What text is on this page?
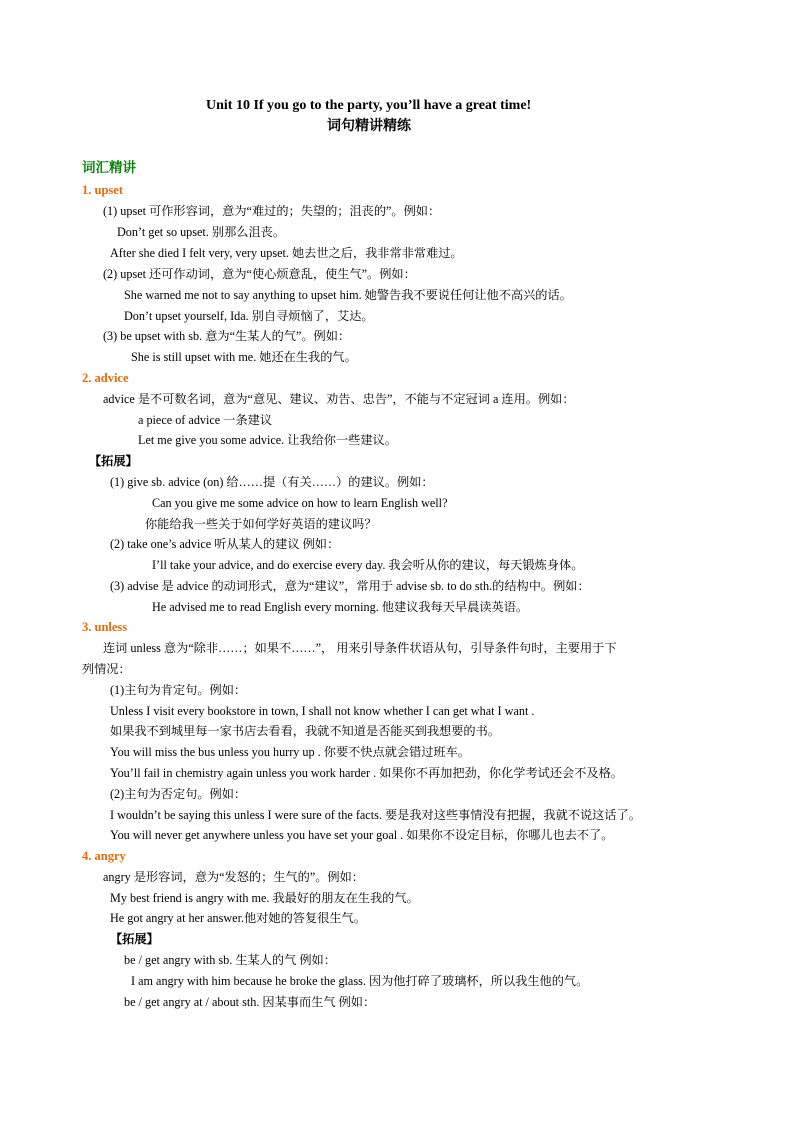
Unit 10 If you go to the party, you’ll have a great time!
词句精讲精练
词汇精讲
1. upset
(1) upset 可作形容词，意为“难过的；失望的；沮丧的”。例如：
Don’t get so upset. 别那么沮丧。
After she died I felt very, very upset. 她去世之后，我非常非常难过。
(2) upset 还可作动词，意为“使心烦意乱，使生气”。例如：
She warned me not to say anything to upset him. 她警告我不要说任何让他不高兴的话。
Don’t upset yourself, Ida. 别自寻烦恼了，艾达。
(3) be upset with sb. 意为“生某人的气”。例如：
She is still upset with me. 她还在生我的气。
2. advice
advice 是不可数名词，意为“意见、建议、劝告、忠告”，不能与不定冠词 a 连用。例如：
a piece of advice 一条建议
Let me give you some advice. 让我给你一些建议。
【拓展】
(1) give sb. advice (on) 给……提（有关……）的建议。例如：
Can you give me some advice on how to learn English well?
你能给我一些关于如何学好英语的建议吗？
(2) take one’s advice 听从某人的建议 例如：
I’ll take your advice, and do exercise every day. 我会听从你的建议，每天锻炼身体。
(3) advise 是 advice 的动词形式，意为“建议”，常用于 advise sb. to do sth.的结构中。例如：
He advised me to read English every morning. 他建议我每天早晨读英语。
3. unless
连词 unless 意为“除非……；如果不……”， 用来引导条件状语从句，引导条件句时，主要用于下
列情况：
(1)主句为肯定句。例如：
Unless I visit every bookstore in town, I shall not know whether I can get what I want .
如果我不到城里每一家书店去看看，我就不知道是否能买到我想要的书。
You will miss the bus unless you hurry up . 你要不快点就会错过班车。
You’ll fail in chemistry again unless you work harder . 如果你不再加把劲，你化学考试还会不及格。
(2)主句为否定句。例如：
I wouldn’t be saying this unless I were sure of the facts. 要是我对这些事情没有把握，我就不说这话了。
You will never get anywhere unless you have set your goal . 如果你不设定目标，你哪儿也去不了。
4. angry
angry 是形容词，意为“发怒的；生气的”。例如：
My best friend is angry with me. 我最好的朋友在生我的气。
He got angry at her answer.他对她的答复很生气。
【拓展】
be / get angry with sb. 生某人的气 例如：
I am angry with him because he broke the glass. 因为他打碎了玻璃杯，所以我生他的气。
be / get angry at / about sth. 因某事而生气 例如：
